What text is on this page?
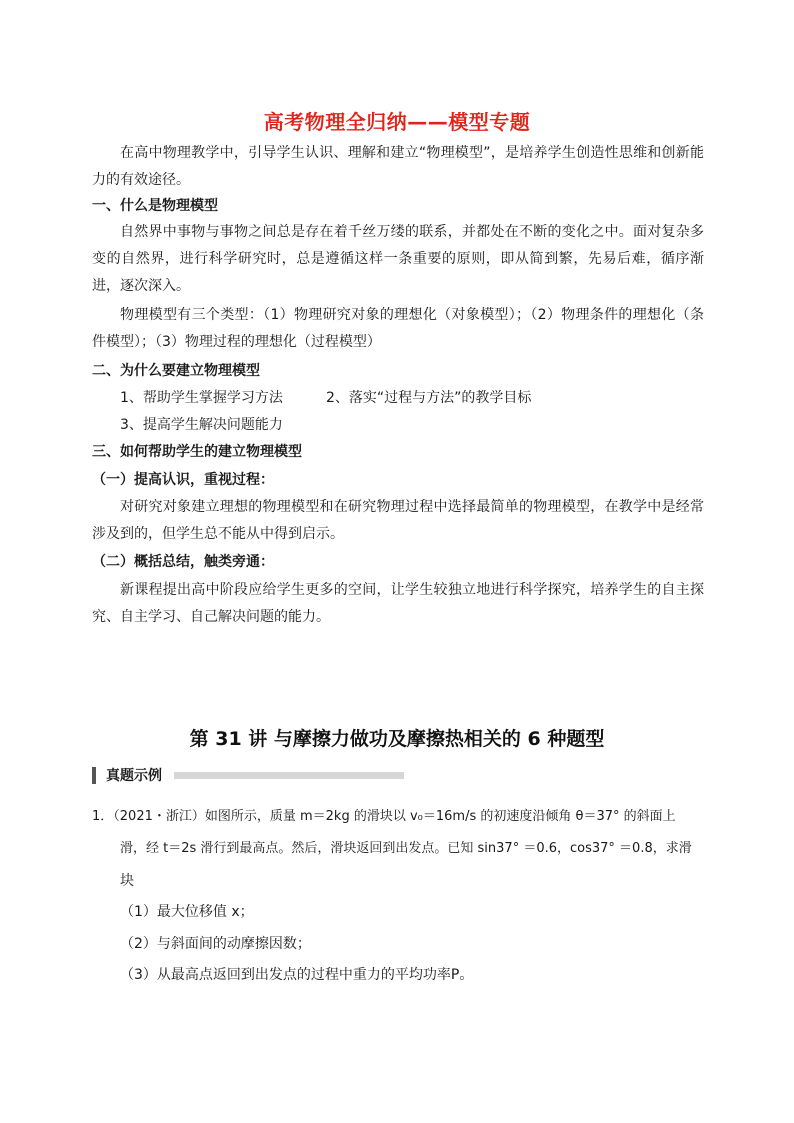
高考物理全归纳——模型专题

在高中物理教学中，引导学生认识、理解和建立“物理模型”，是培养学生创造性思维和创新能力的有效途径。

一、什么是物理模型

自然界中事物与事物之间总是存在着千丝万缕的联系，并都处在不断的变化之中。面对复杂多变的自然界，进行科学研究时，总是遵循这样一条重要的原则，即从简到繁，先易后难，循序渐进，逐次深入。

物理模型有三个类型：（1）物理研究对象的理想化（对象模型）；（2）物理条件的理想化（条件模型）；（3）物理过程的理想化（过程模型）

二、为什么要建立物理模型

1、帮助学生掌握学习方法	2、落实“过程与方法”的教学目标

3、提高学生解决问题能力

三、如何帮助学生的建立物理模型

（一）提高认识，重视过程：

对研究对象建立理想的物理模型和在研究物理过程中选择最简单的物理模型，在教学中是经常涉及到的，但学生总不能从中得到启示。

（二）概括总结，触类旁通：

新课程提出高中阶段应给学生更多的空间，让学生较独立地进行科学探究，培养学生的自主探究、自主学习、自己解决问题的能力。

第 31 讲 与摩擦力做功及摩擦热相关的 6 种题型
真题示例

1．（2021・浙江）如图所示，质量 m＝2kg 的滑块以 v₀＝16m/s 的初速度沿倾角 θ＝37° 的斜面上

滑，经 t＝2s 滑行到最高点。然后，滑块返回到出发点。已知 sin37° ＝0.6，cos37° ＝0.8，求滑

块

（1）最大位移值 x；

（2）与斜面间的动摩擦因数；

（3）从最高点返回到出发点的过程中重力的平均功率P。
